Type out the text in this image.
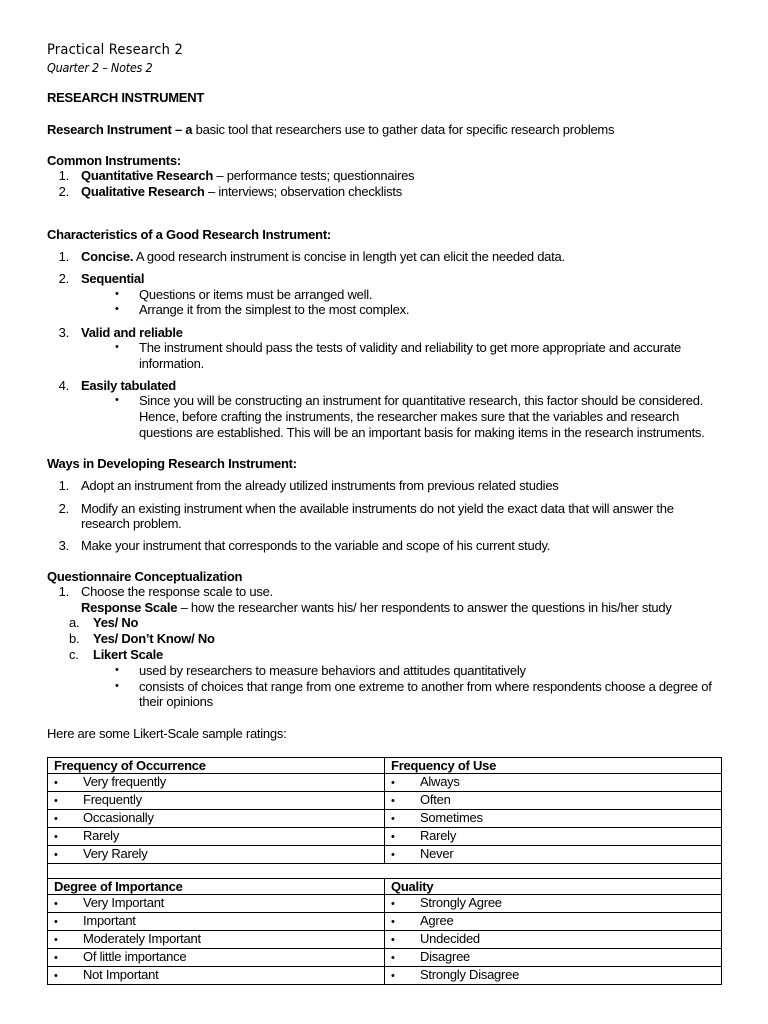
Practical Research 2
Quarter 2 – Notes 2
RESEARCH INSTRUMENT
Research Instrument – a basic tool that researchers use to gather data for specific research problems
Common Instruments:
1. Quantitative Research – performance tests; questionnaires
2. Qualitative Research – interviews; observation checklists
Characteristics of a Good Research Instrument:
1. Concise. A good research instrument is concise in length yet can elicit the needed data.
2. Sequential
• Questions or items must be arranged well.
• Arrange it from the simplest to the most complex.
3. Valid and reliable
• The instrument should pass the tests of validity and reliability to get more appropriate and accurate information.
4. Easily tabulated
• Since you will be constructing an instrument for quantitative research, this factor should be considered. Hence, before crafting the instruments, the researcher makes sure that the variables and research questions are established. This will be an important basis for making items in the research instruments.
Ways in Developing Research Instrument:
1. Adopt an instrument from the already utilized instruments from previous related studies
2. Modify an existing instrument when the available instruments do not yield the exact data that will answer the research problem.
3. Make your instrument that corresponds to the variable and scope of his current study.
Questionnaire Conceptualization
1. Choose the response scale to use.
Response Scale – how the researcher wants his/ her respondents to answer the questions in his/her study
a. Yes/ No
b. Yes/ Don’t Know/ No
c. Likert Scale
• used by researchers to measure behaviors and attitudes quantitatively
• consists of choices that range from one extreme to another from where respondents choose a degree of their opinions
Here are some Likert-Scale sample ratings:
Frequency of Occurrence	Frequency of Use
• Very frequently	• Always
• Frequently	• Often
• Occasionally	• Sometimes
• Rarely	• Rarely
• Very Rarely	• Never

Degree of Importance	Quality
• Very Important	• Strongly Agree
• Important	• Agree
• Moderately Important	• Undecided
• Of little importance	• Disagree
• Not Important	• Strongly Disagree
